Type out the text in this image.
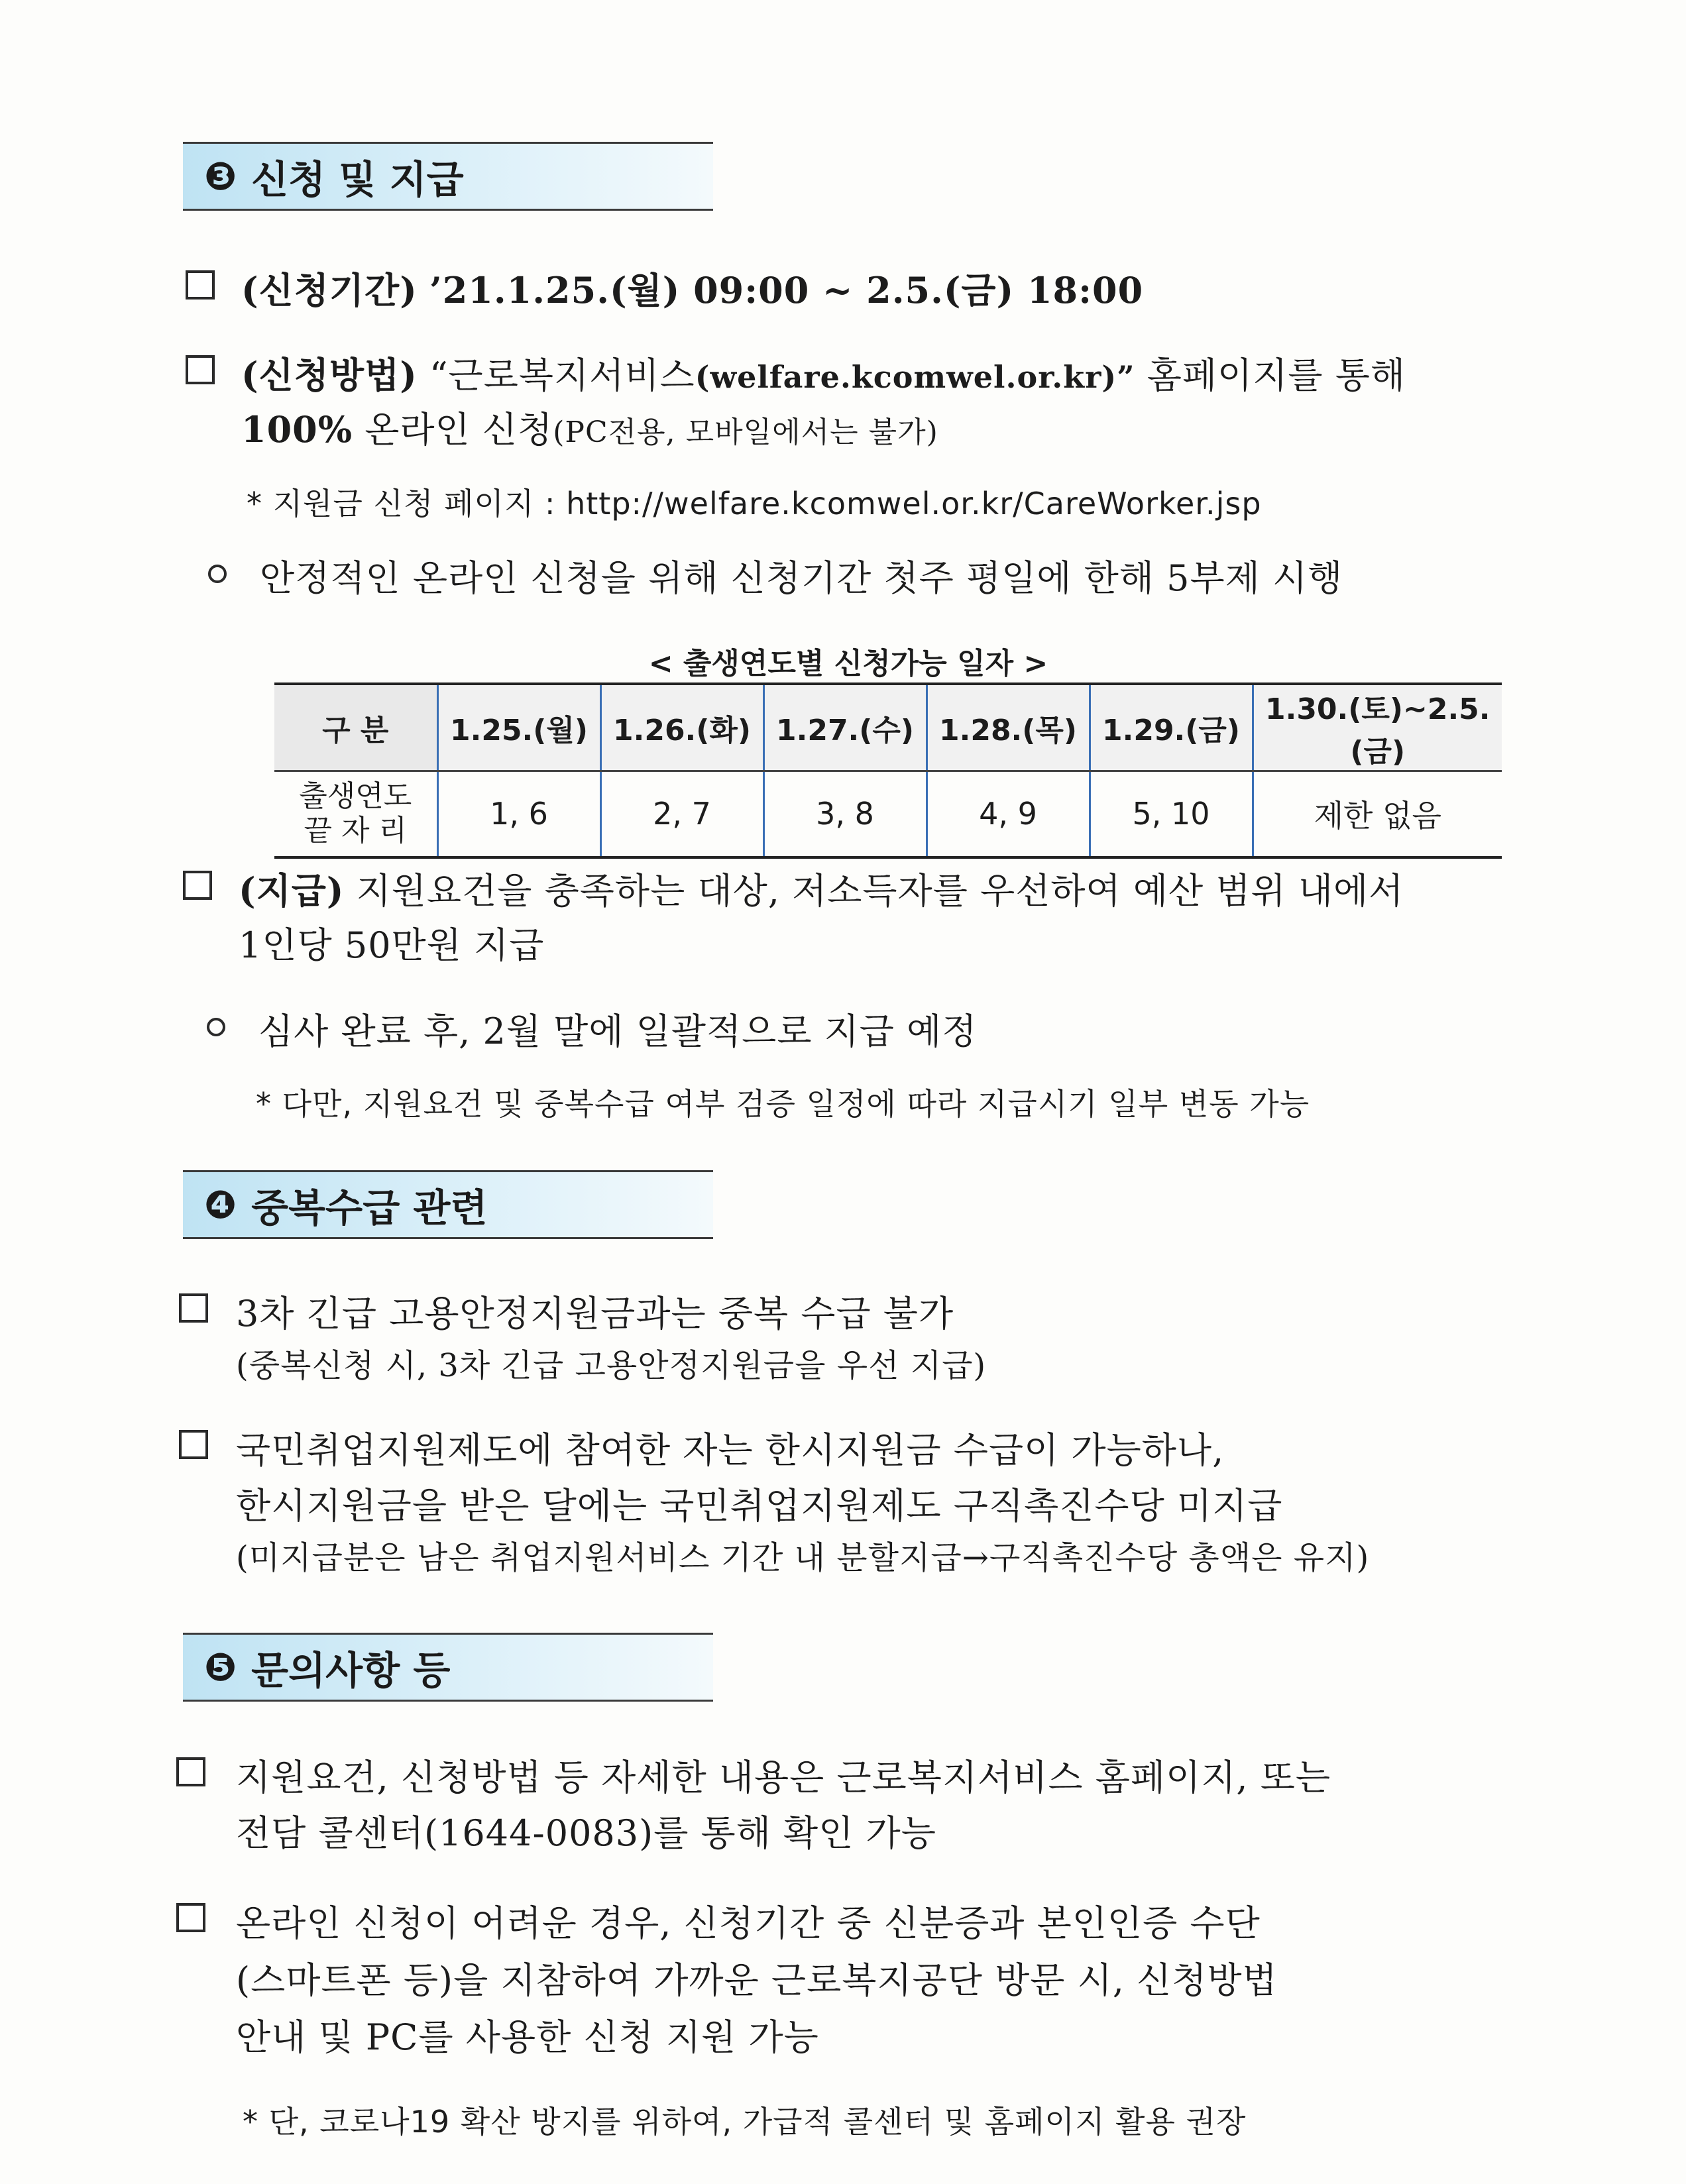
❸ 신청 및 지급
(신청기간) ’21.1.25.(월) 09:00 ~ 2.5.(금) 18:00
(신청방법) “근로복지서비스(welfare.kcomwel.or.kr)” 홈페이지를 통해
100% 온라인 신청(PC전용, 모바일에서는 불가)
* 지원금 신청 페이지 : http://welfare.kcomwel.or.kr/CareWorker.jsp
안정적인 온라인 신청을 위해 신청기간 첫주 평일에 한해 5부제 시행
< 출생연도별 신청가능 일자 >
구 분	1.25.(월)	1.26.(화)	1.27.(수)	1.28.(목)	1.29.(금)	1.30.(토)~2.5.(금)

출생연도
끝 자 리	1, 6	2, 7	3, 8	4, 9	5, 10	제한 없음
(지급) 지원요건을 충족하는 대상, 저소득자를 우선하여 예산 범위 내에서
1인당 50만원 지급
심사 완료 후, 2월 말에 일괄적으로 지급 예정
* 다만, 지원요건 및 중복수급 여부 검증 일정에 따라 지급시기 일부 변동 가능
❹ 중복수급 관련
3차 긴급 고용안정지원금과는 중복 수급 불가
(중복신청 시, 3차 긴급 고용안정지원금을 우선 지급)
국민취업지원제도에 참여한 자는 한시지원금 수급이 가능하나,
한시지원금을 받은 달에는 국민취업지원제도 구직촉진수당 미지급
(미지급분은 남은 취업지원서비스 기간 내 분할지급→구직촉진수당 총액은 유지)
❺ 문의사항 등
지원요건, 신청방법 등 자세한 내용은 근로복지서비스 홈페이지, 또는
전담 콜센터(1644-0083)를 통해 확인 가능
온라인 신청이 어려운 경우, 신청기간 중 신분증과 본인인증 수단
(스마트폰 등)을 지참하여 가까운 근로복지공단 방문 시, 신청방법
안내 및 PC를 사용한 신청 지원 가능
* 단, 코로나19 확산 방지를 위하여, 가급적 콜센터 및 홈페이지 활용 권장
